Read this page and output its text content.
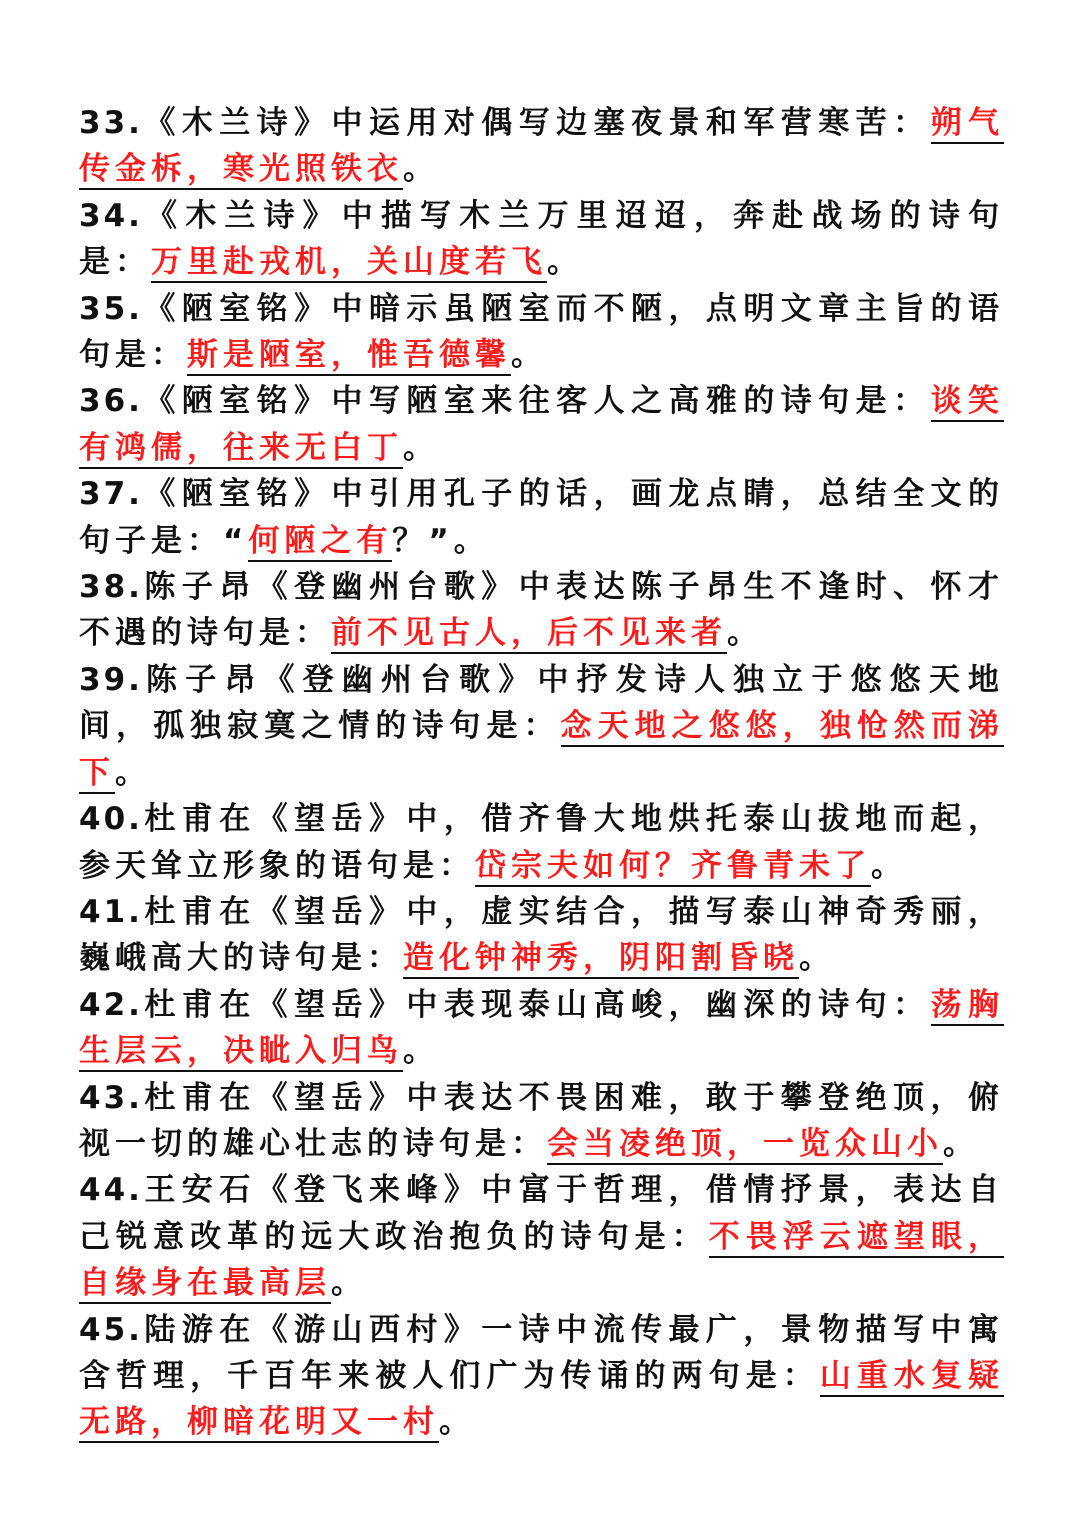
33.《木兰诗》中运用对偶写边塞夜景和军营寒苦：朔气传金柝，寒光照铁衣。

34.《木兰诗》中描写木兰万里迢迢，奔赴战场的诗句是：万里赴戎机，关山度若飞。

35.《陋室铭》中暗示虽陋室而不陋，点明文章主旨的语句是：斯是陋室，惟吾德馨。

36.《陋室铭》中写陋室来往客人之高雅的诗句是：谈笑有鸿儒，往来无白丁。

37.《陋室铭》中引用孔子的话，画龙点睛，总结全文的句子是：“何陋之有？”。

38.陈子昂《登幽州台歌》中表达陈子昂生不逢时、怀才不遇的诗句是：前不见古人，后不见来者。

39.陈子昂《登幽州台歌》中抒发诗人独立于悠悠天地间，孤独寂寞之情的诗句是：念天地之悠悠，独怆然而涕下。

40.杜甫在《望岳》中，借齐鲁大地烘托泰山拔地而起，参天耸立形象的语句是：岱宗夫如何？齐鲁青未了。

41.杜甫在《望岳》中，虚实结合，描写泰山神奇秀丽，巍峨高大的诗句是：造化钟神秀，阴阳割昏晓。

42.杜甫在《望岳》中表现泰山高峻，幽深的诗句：荡胸生层云，决眦入归鸟。

43.杜甫在《望岳》中表达不畏困难，敢于攀登绝顶，俯视一切的雄心壮志的诗句是：会当凌绝顶，一览众山小。

44.王安石《登飞来峰》中富于哲理，借情抒景，表达自己锐意改革的远大政治抱负的诗句是：不畏浮云遮望眼，自缘身在最高层。

45.陆游在《游山西村》一诗中流传最广，景物描写中寓含哲理，千百年来被人们广为传诵的两句是：山重水复疑无路，柳暗花明又一村。
